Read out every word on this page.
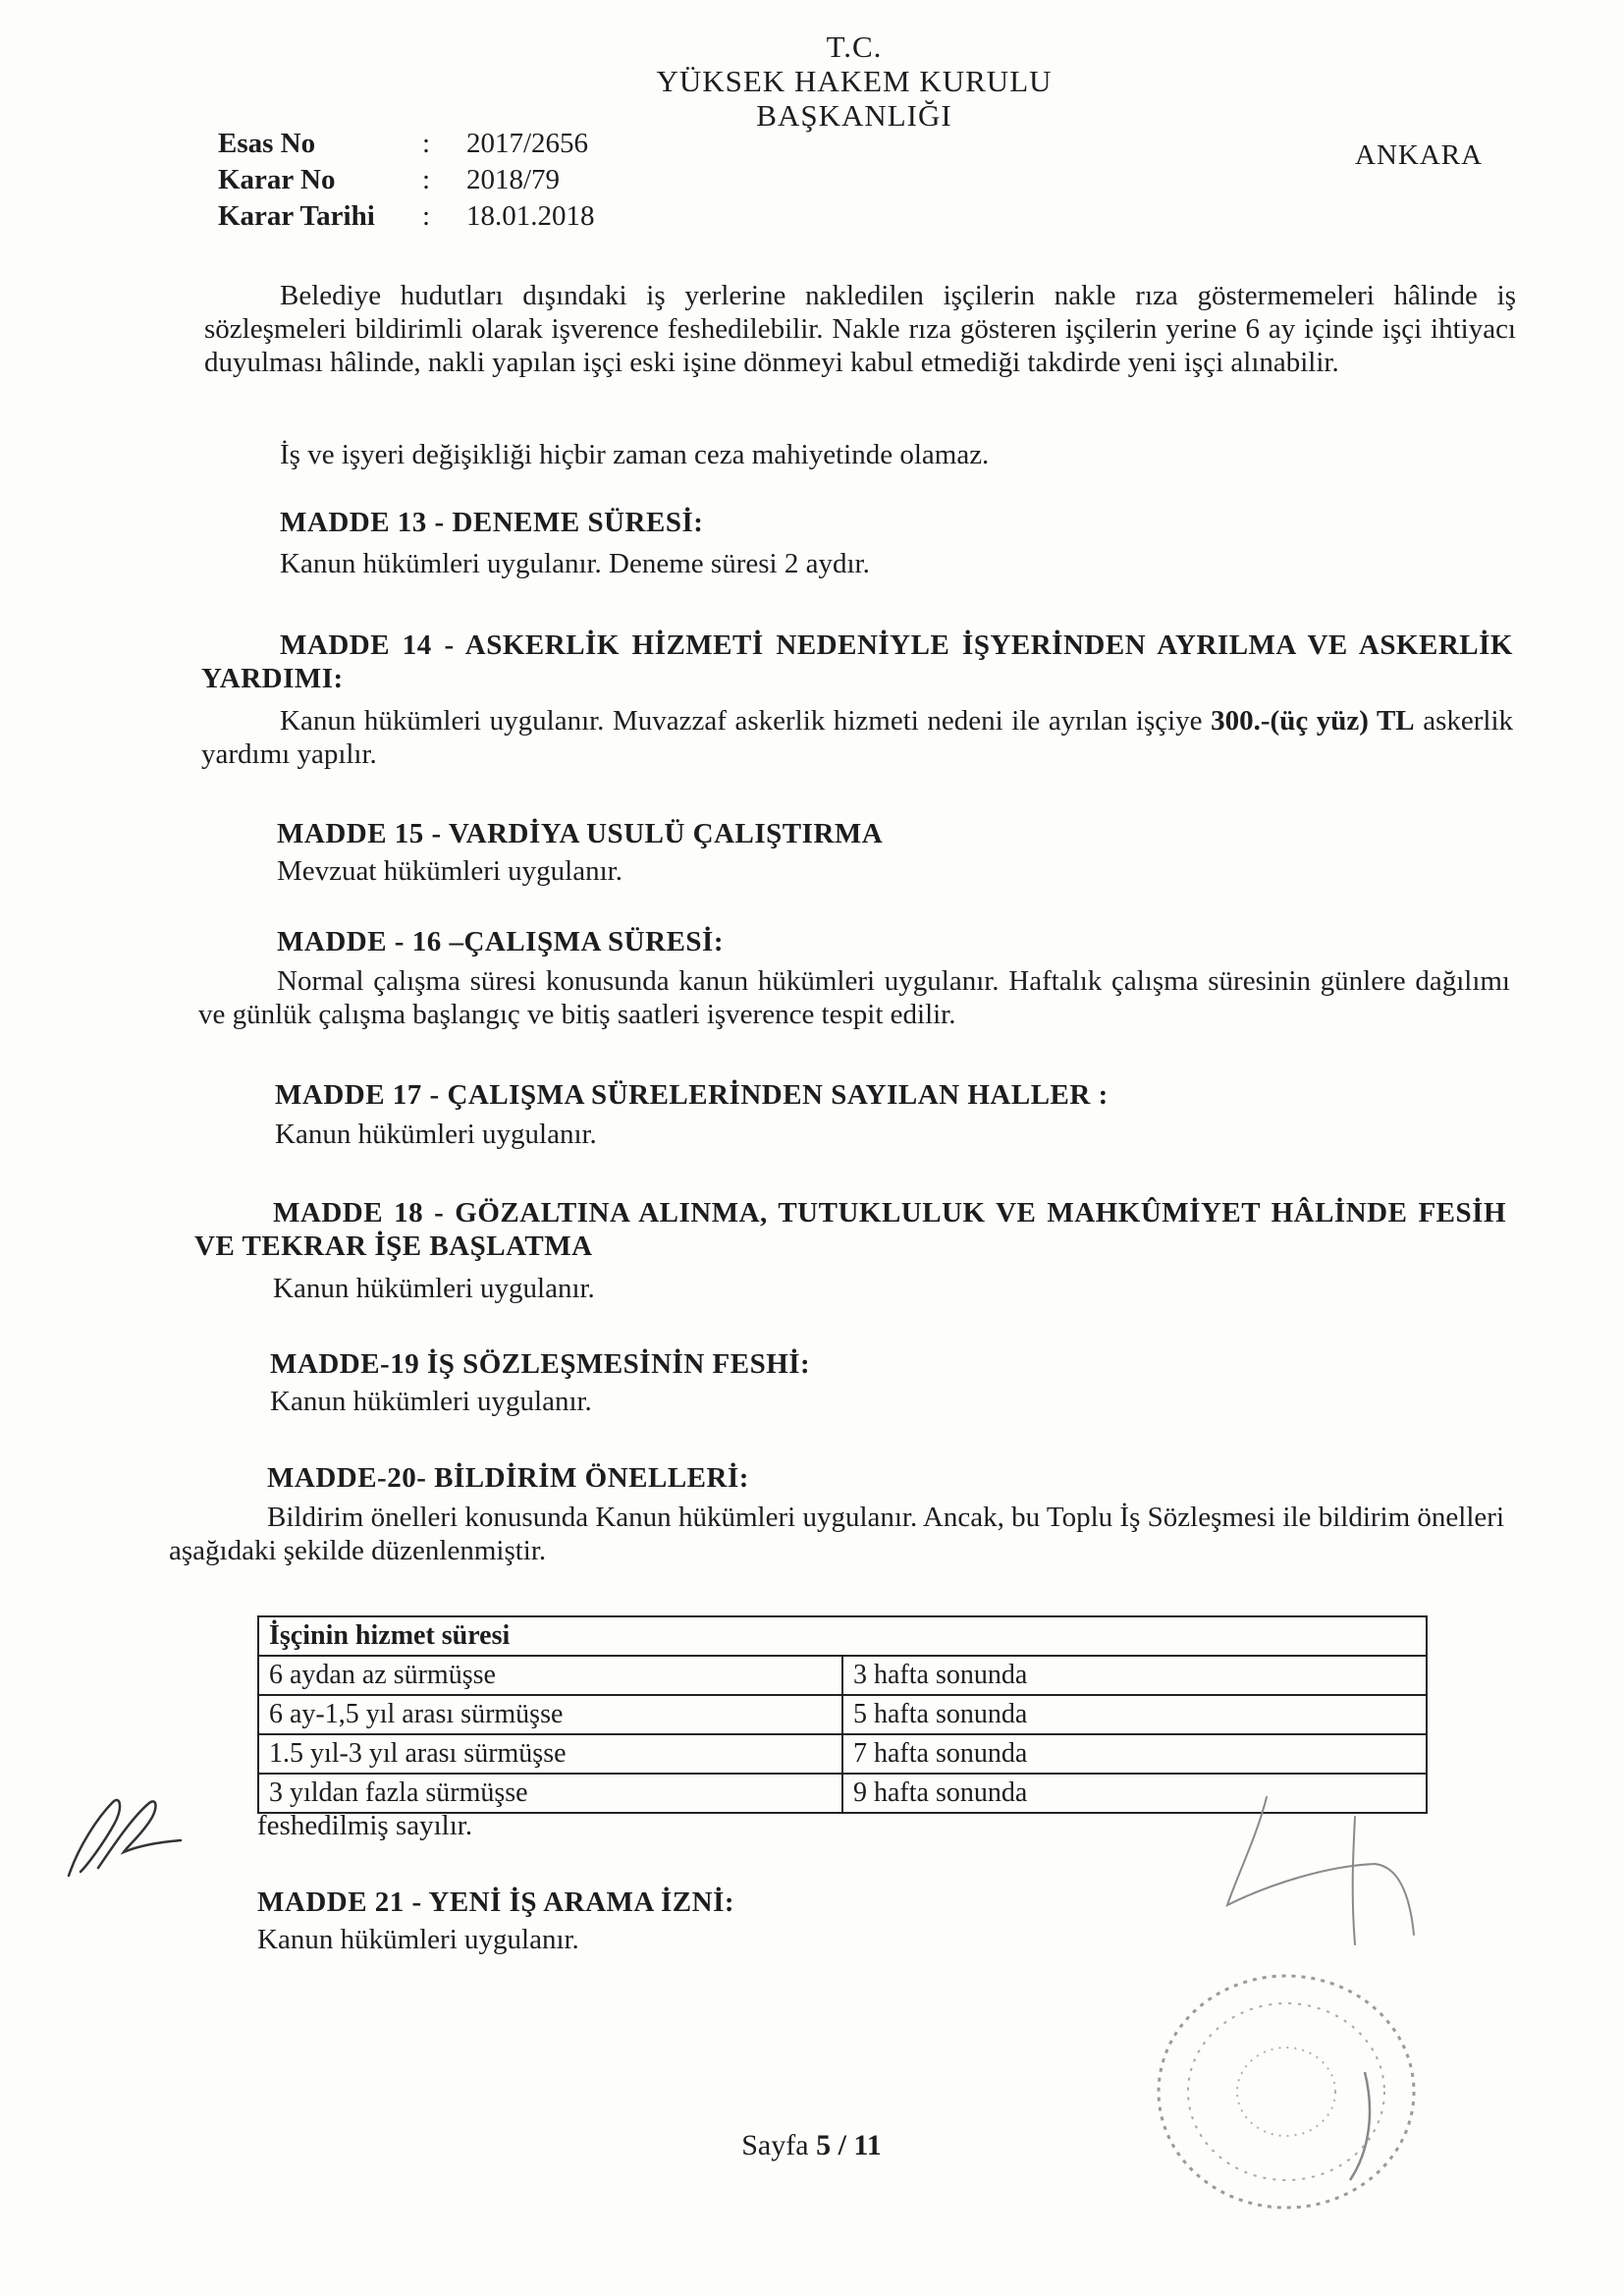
T.C.
YÜKSEK HAKEM KURULU
BAŞKANLIĞI
Esas No	:	2017/2656
Karar No	:	2018/79
Karar Tarihi	:	18.01.2018
ANKARA
Belediye hudutları dışındaki iş yerlerine nakledilen işçilerin nakle rıza göstermemeleri hâlinde iş sözleşmeleri bildirimli olarak işverence feshedilebilir. Nakle rıza gösteren işçilerin yerine 6 ay içinde işçi ihtiyacı duyulması hâlinde, nakli yapılan işçi eski işine dönmeyi kabul etmediği takdirde yeni işçi alınabilir.
İş ve işyeri değişikliği hiçbir zaman ceza mahiyetinde olamaz.
MADDE 13 - DENEME SÜRESİ:
Kanun hükümleri uygulanır. Deneme süresi 2 aydır.
MADDE 14 - ASKERLİK HİZMETİ NEDENİYLE İŞYERİNDEN AYRILMA VE ASKERLİK YARDIMI:
Kanun hükümleri uygulanır. Muvazzaf askerlik hizmeti nedeni ile ayrılan işçiye 300.-(üç yüz) TL askerlik yardımı yapılır.
MADDE 15 - VARDİYA USULÜ ÇALIŞTIRMA
Mevzuat hükümleri uygulanır.
MADDE - 16 –ÇALIŞMA SÜRESİ:
Normal çalışma süresi konusunda kanun hükümleri uygulanır. Haftalık çalışma süresinin günlere dağılımı ve günlük çalışma başlangıç ve bitiş saatleri işverence tespit edilir.
MADDE 17 - ÇALIŞMA SÜRELERİNDEN SAYILAN HALLER :
Kanun hükümleri uygulanır.
MADDE 18 - GÖZALTINA ALINMA, TUTUKLULUK VE MAHKÛMİYET HÂLİNDE FESİH VE TEKRAR İŞE BAŞLATMA
Kanun hükümleri uygulanır.
MADDE-19 İŞ SÖZLEŞMESİNİN FESHİ:
Kanun hükümleri uygulanır.
MADDE-20- BİLDİRİM ÖNELLERİ:
Bildirim önelleri konusunda Kanun hükümleri uygulanır. Ancak, bu Toplu İş Sözleşmesi ile bildirim önelleri aşağıdaki şekilde düzenlenmiştir.
İşçinin hizmet süresi	
6 aydan az sürmüşse	3 hafta sonunda
6 ay-1,5 yıl arası sürmüşse	5 hafta sonunda
1.5 yıl-3 yıl arası sürmüşse	7 hafta sonunda
3 yıldan fazla sürmüşse	9 hafta sonunda
feshedilmiş sayılır.
MADDE 21 - YENİ İŞ ARAMA İZNİ:
Kanun hükümleri uygulanır.
Sayfa 5 / 11
